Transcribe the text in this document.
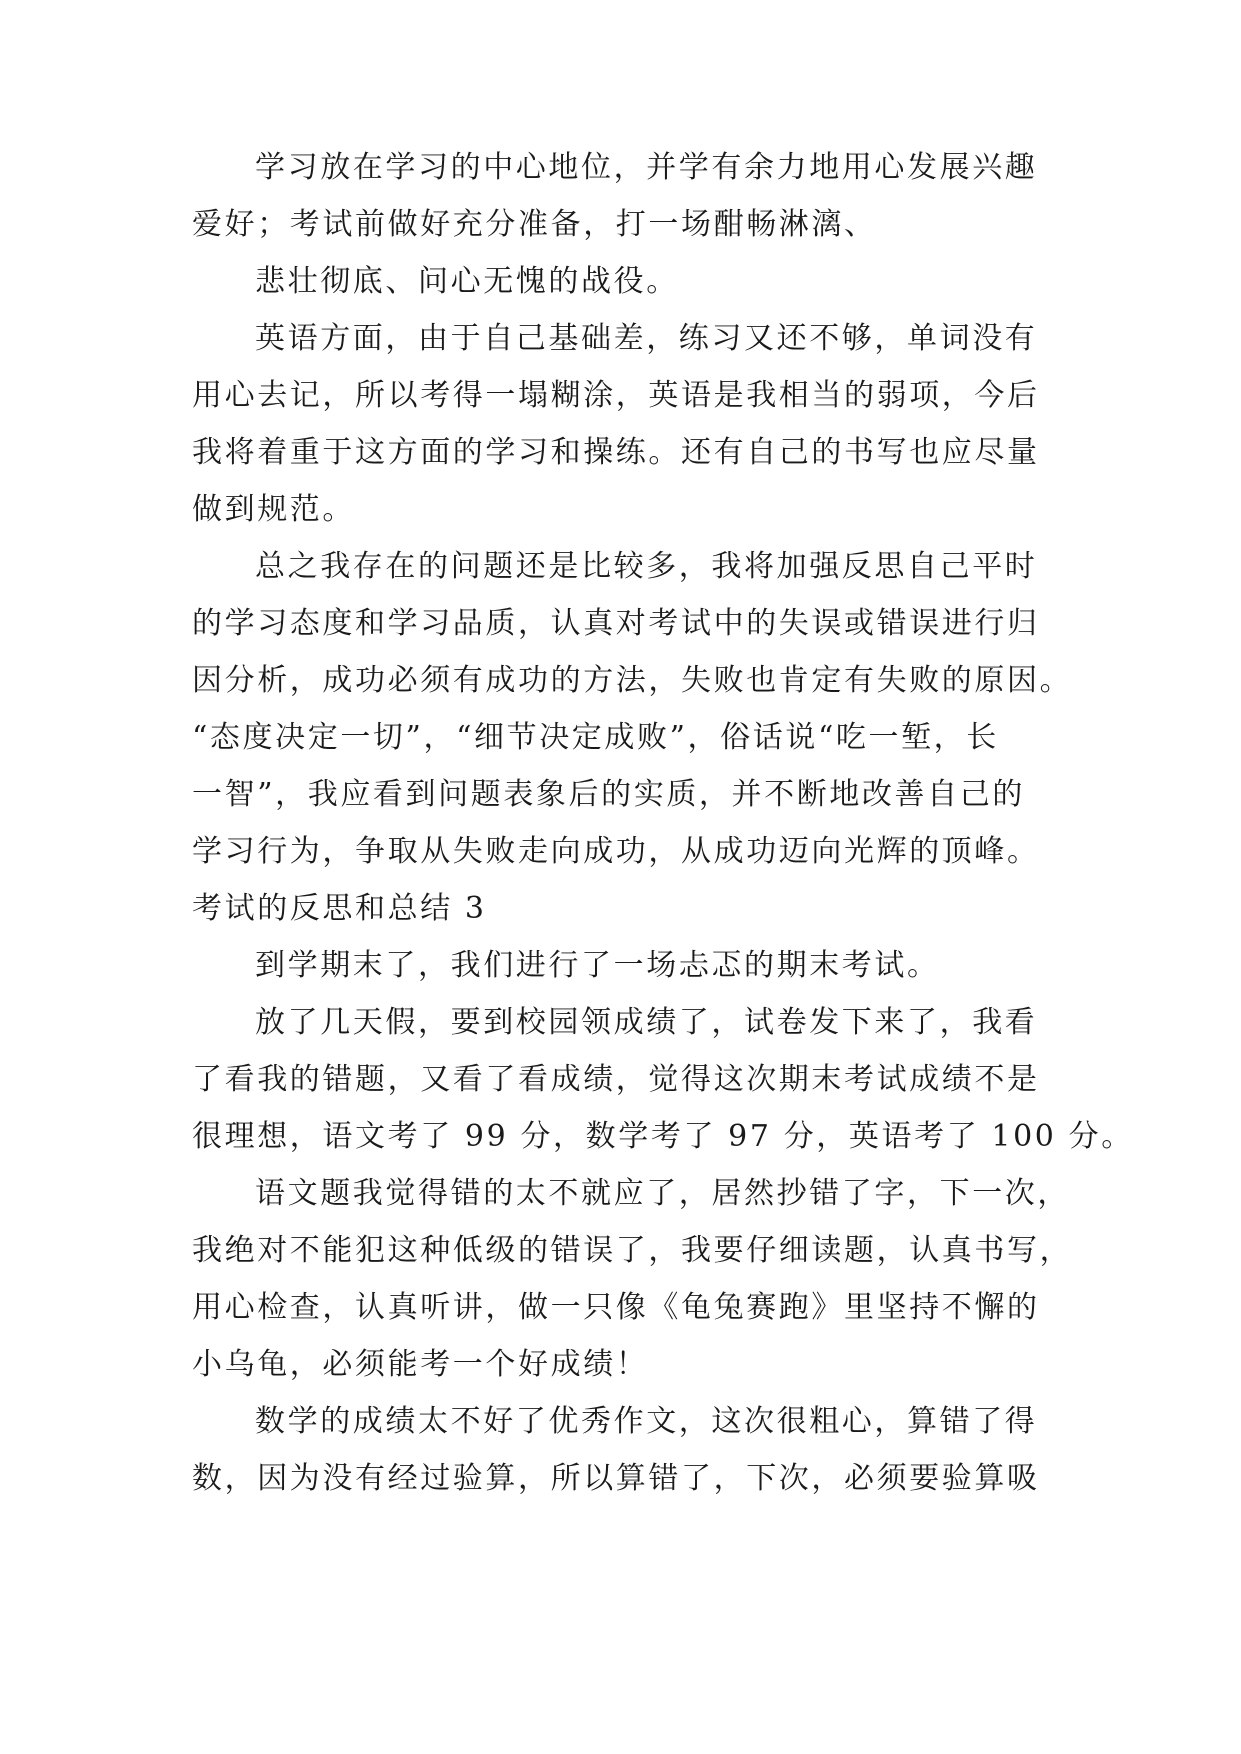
学习放在学习的中心地位，并学有余力地用心发展兴趣
爱好；考试前做好充分准备，打一场酣畅淋漓、
悲壮彻底、问心无愧的战役。
英语方面，由于自己基础差，练习又还不够，单词没有
用心去记，所以考得一塌糊涂，英语是我相当的弱项，今后
我将着重于这方面的学习和操练。还有自己的书写也应尽量
做到规范。
总之我存在的问题还是比较多，我将加强反思自己平时
的学习态度和学习品质，认真对考试中的失误或错误进行归
因分析，成功必须有成功的方法，失败也肯定有失败的原因。
“态度决定一切”，“细节决定成败”，俗话说“吃一堑，长
一智”，我应看到问题表象后的实质，并不断地改善自己的
学习行为，争取从失败走向成功，从成功迈向光辉的顶峰。
考试的反思和总结 3
到学期末了，我们进行了一场忐忑的期末考试。
放了几天假，要到校园领成绩了，试卷发下来了，我看
了看我的错题，又看了看成绩，觉得这次期末考试成绩不是
很理想，语文考了 99 分，数学考了 97 分，英语考了 100 分。
语文题我觉得错的太不就应了，居然抄错了字，下一次，
我绝对不能犯这种低级的错误了，我要仔细读题，认真书写，
用心检查，认真听讲，做一只像《龟兔赛跑》里坚持不懈的
小乌龟，必须能考一个好成绩！
数学的成绩太不好了优秀作文，这次很粗心，算错了得
数，因为没有经过验算，所以算错了，下次，必须要验算吸
